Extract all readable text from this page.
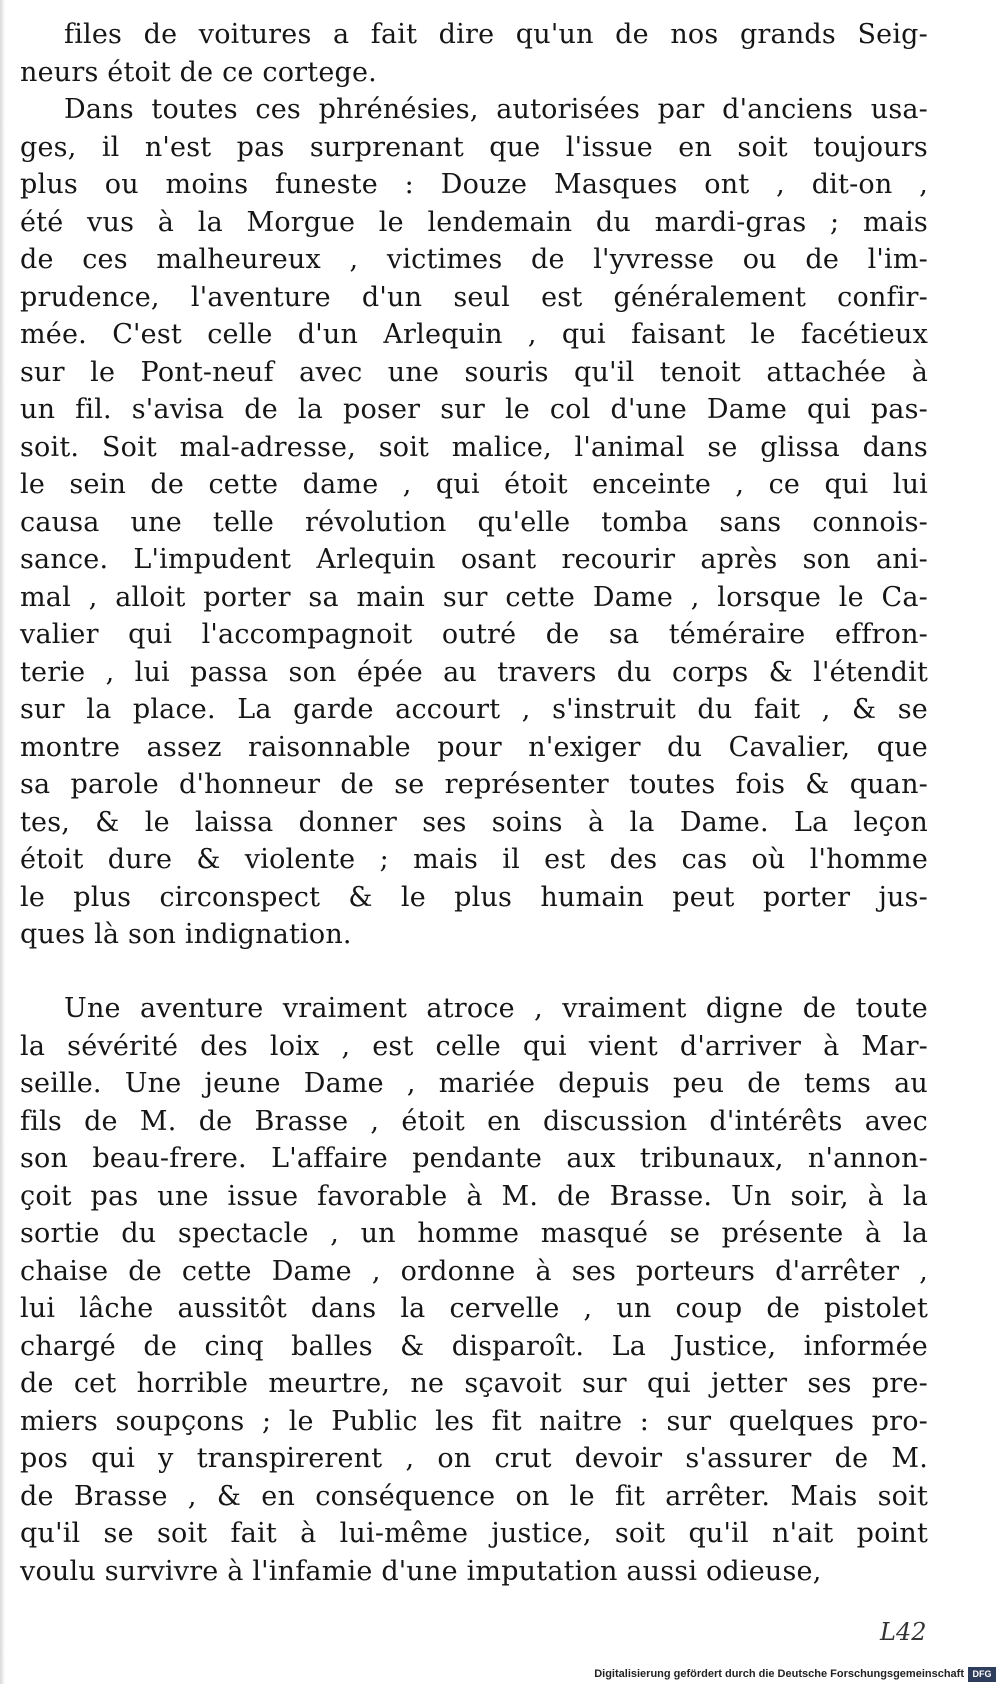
files de voitures a fait dire qu'un de nos grands Seig-
neurs étoit de ce cortege.
Dans toutes ces phrénésies, autorisées par d'anciens usa-
ges, il n'est pas surprenant que l'issue en soit toujours
plus ou moins funeste : Douze Masques ont , dit-on ,
été vus à la Morgue le lendemain du mardi-gras ; mais
de ces malheureux , victimes de l'yvresse ou de l'im-
prudence, l'aventure d'un seul est généralement confir-
mée. C'est celle d'un Arlequin , qui faisant le facétieux
sur le Pont-neuf avec une souris qu'il tenoit attachée à
un fil. s'avisa de la poser sur le col d'une Dame qui pas-
soit. Soit mal-adresse, soit malice, l'animal se glissa dans
le sein de cette dame , qui étoit enceinte , ce qui lui
causa une telle révolution qu'elle tomba sans connois-
sance. L'impudent Arlequin osant recourir après son ani-
mal , alloit porter sa main sur cette Dame , lorsque le Ca-
valier qui l'accompagnoit outré de sa téméraire effron-
terie , lui passa son épée au travers du corps & l'étendit
sur la place. La garde accourt , s'instruit du fait , & se
montre assez raisonnable pour n'exiger du Cavalier, que
sa parole d'honneur de se représenter toutes fois & quan-
tes, & le laissa donner ses soins à la Dame. La leçon
étoit dure & violente ; mais il est des cas où l'homme
le plus circonspect & le plus humain peut porter jus-
ques là son indignation.
Une aventure vraiment atroce , vraiment digne de toute
la sévérité des loix , est celle qui vient d'arriver à Mar-
seille. Une jeune Dame , mariée depuis peu de tems au
fils de M. de Brasse , étoit en discussion d'intérêts avec
son beau-frere. L'affaire pendante aux tribunaux, n'annon-
çoit pas une issue favorable à M. de Brasse. Un soir, à la
sortie du spectacle , un homme masqué se présente à la
chaise de cette Dame , ordonne à ses porteurs d'arrêter ,
lui lâche aussitôt dans la cervelle , un coup de pistolet
chargé de cinq balles & disparoît. La Justice, informée
de cet horrible meurtre, ne sçavoit sur qui jetter ses pre-
miers soupçons ; le Public les fit naitre : sur quelques pro-
pos qui y transpirerent , on crut devoir s'assurer de M.
de Brasse , & en conséquence on le fit arrêter. Mais soit
qu'il se soit fait à lui-même justice, soit qu'il n'ait point
voulu survivre à l'infamie d'une imputation aussi odieuse,
L42
Digitalisierung gefördert durch die Deutsche Forschungsgemeinschaft DFG
